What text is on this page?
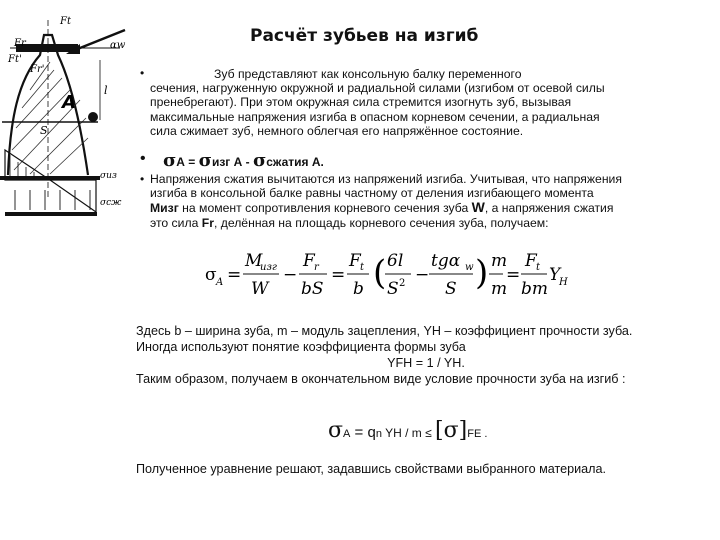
Fr
Ft
Ft'
Fr'
αw
A
S
l
σиз
σсж
Расчёт зубьев на изгиб
•	Зуб представляют как консольную балку переменного
сечения, нагруженную окружной и радиальной силами (изгибом от осевой силы
пренебрегают). При этом окружная сила стремится изогнуть зуб, вызывая
максимальные напряжения изгиба в опасном корневом сечении, а радиальная
сила сжимает зуб, немного облегчая его напряжённое состояние.
• σА = σизг А - σсжатия А.
• Напряжения сжатия вычитаются из напряжений изгиба. Учитывая, что напряжения
изгиба в консольной балке равны частному от деления изгибающего момента
Мизг на момент сопротивления корневого сечения зуба W, а напряжения сжатия
это сила Fr, делённая на площадь корневого сечения зуба, получаем:
σ A =
M
изг
W
−
F r
bS
=
F t
b ( 6l
S 2 −
tgα w
S ) m
m
=
F t
bm
Y
H
Здесь b – ширина зуба, m – модуль зацепления, YH – коэффициент прочности зуба.
Иногда используют понятие коэффициента формы зуба
YFH = 1 / YH.
Таким образом, получаем в окончательном виде условие прочности зуба на изгиб :
σА = qn YH / m ≤ [σ]FE .
Полученное уравнение решают, задавшись свойствами выбранного материала.
